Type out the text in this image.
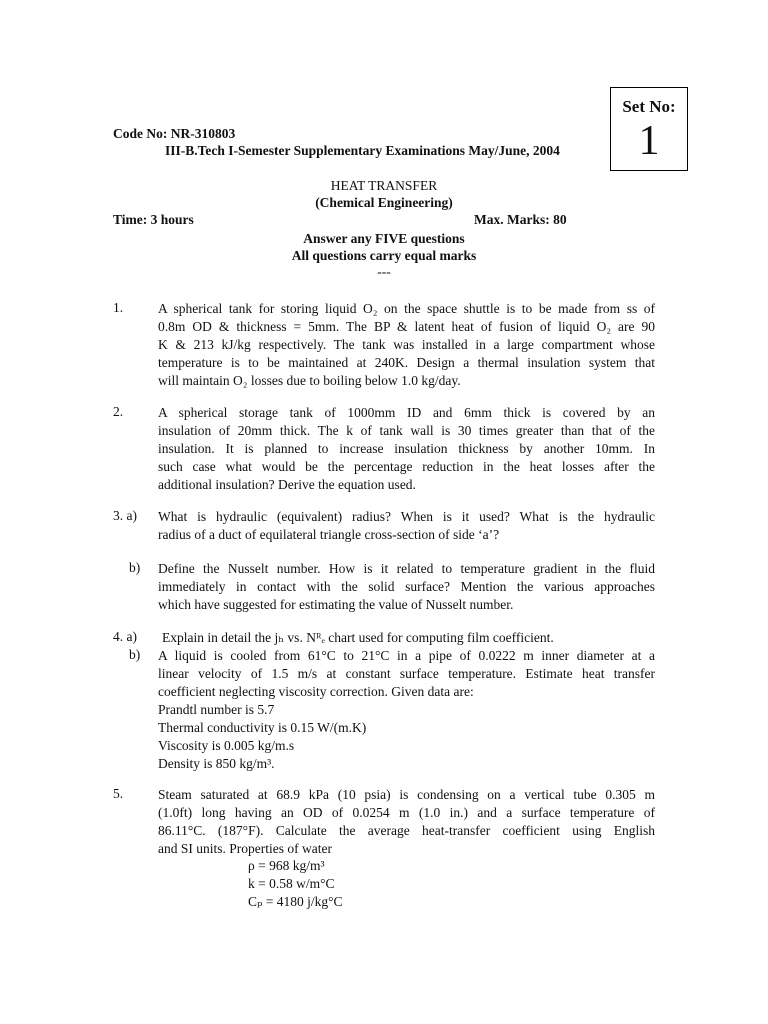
Set No:
1
Code No: NR-310803
III-B.Tech I-Semester Supplementary Examinations May/June, 2004
HEAT TRANSFER
(Chemical Engineering)
Time: 3 hours	Max. Marks: 80
Answer any FIVE questions
All questions carry equal marks
---
1.	A spherical tank for storing liquid O₂ on the space shuttle is to be made from ss of
0.8m OD & thickness = 5mm. The BP & latent heat of fusion of liquid O₂ are 90
K & 213 kJ/kg respectively. The tank was installed in a large compartment whose
temperature is to be maintained at 240K. Design a thermal insulation system that
will maintain O₂ losses due to boiling below 1.0 kg/day.
2.	A spherical storage tank of 1000mm ID and 6mm thick is covered by an
insulation of 20mm thick. The k of tank wall is 30 times greater than that of the
insulation. It is planned to increase insulation thickness by another 10mm. In
such case what would be the percentage reduction in the heat losses after the
additional insulation? Derive the equation used.
3. a) What is hydraulic (equivalent) radius? When is it used? What is the hydraulic
radius of a duct of equilateral triangle cross-section of side ‘a’?
b) Define the Nusselt number. How is it related to temperature gradient in the fluid
immediately in contact with the solid surface? Mention the various approaches
which have suggested for estimating the value of Nusselt number.
4. a) Explain in detail the jₕ vs. Nᴿₑ chart used for computing film coefficient.
b) A liquid is cooled from 61°C to 21°C in a pipe of 0.0222 m inner diameter at a
linear velocity of 1.5 m/s at constant surface temperature. Estimate heat transfer
coefficient neglecting viscosity correction. Given data are:
Prandtl number is 5.7
Thermal conductivity is 0.15 W/(m.K)
Viscosity is 0.005 kg/m.s
Density is 850 kg/m³.
5.	Steam saturated at 68.9 kPa (10 psia) is condensing on a vertical tube 0.305 m
(1.0ft) long having an OD of 0.0254 m (1.0 in.) and a surface temperature of
86.11°C. (187°F). Calculate the average heat-transfer coefficient using English
and SI units. Properties of water
ρ = 968 kg/m³
k = 0.58 w/m°C
Cₚ = 4180 j/kg°C
